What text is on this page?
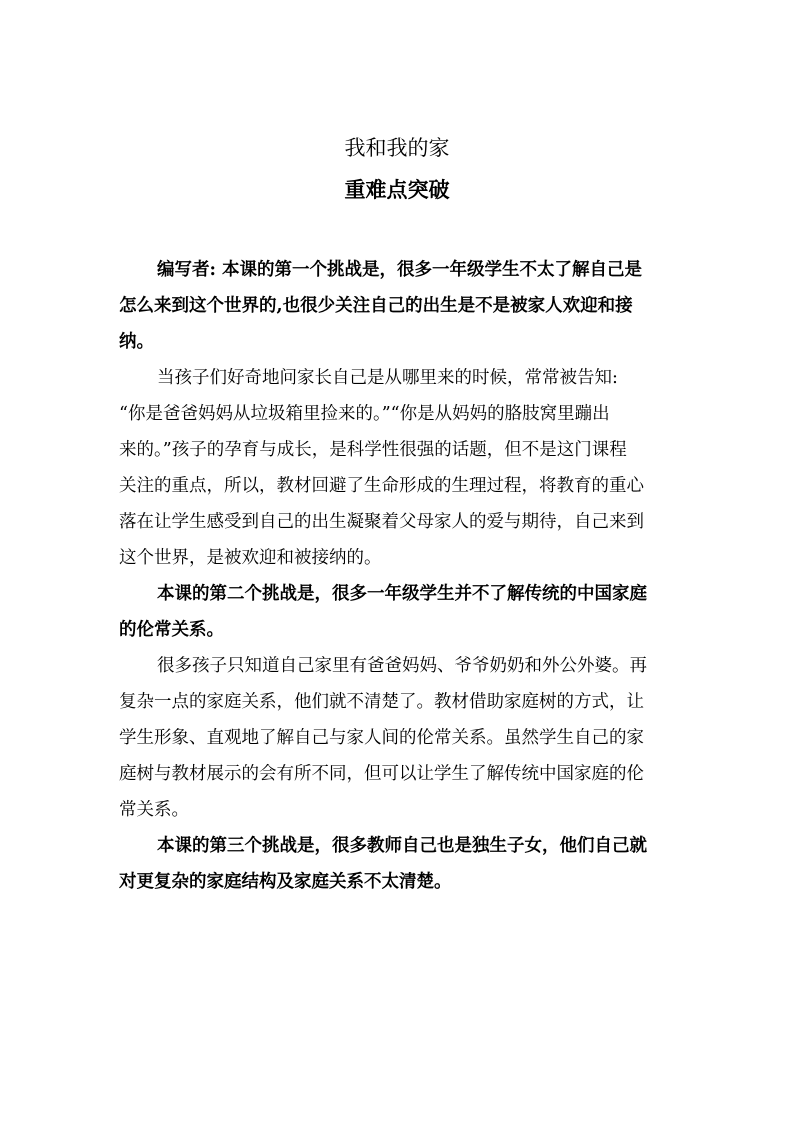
我和我的家
重难点突破
编写者: 本课的第一个挑战是，很多一年级学生不太了解自己是
怎么来到这个世界的,也很少关注自己的出生是不是被家人欢迎和接
纳。
当孩子们好奇地问家长自己是从哪里来的时候，常常被告知:
“你是爸爸妈妈从垃圾箱里捡来的。”“你是从妈妈的胳肢窝里蹦出
来的。”孩子的孕育与成长，是科学性很强的话题，但不是这门课程
关注的重点，所以，教材回避了生命形成的生理过程，将教育的重心
落在让学生感受到自己的出生凝聚着父母家人的爱与期待，自己来到
这个世界，是被欢迎和被接纳的。
本课的第二个挑战是，很多一年级学生并不了解传统的中国家庭
的伦常关系。
很多孩子只知道自己家里有爸爸妈妈、爷爷奶奶和外公外婆。再
复杂一点的家庭关系，他们就不清楚了。教材借助家庭树的方式，让
学生形象、直观地了解自己与家人间的伦常关系。虽然学生自己的家
庭树与教材展示的会有所不同，但可以让学生了解传统中国家庭的伦
常关系。
本课的第三个挑战是，很多教师自己也是独生子女，他们自己就
对更复杂的家庭结构及家庭关系不太清楚。
